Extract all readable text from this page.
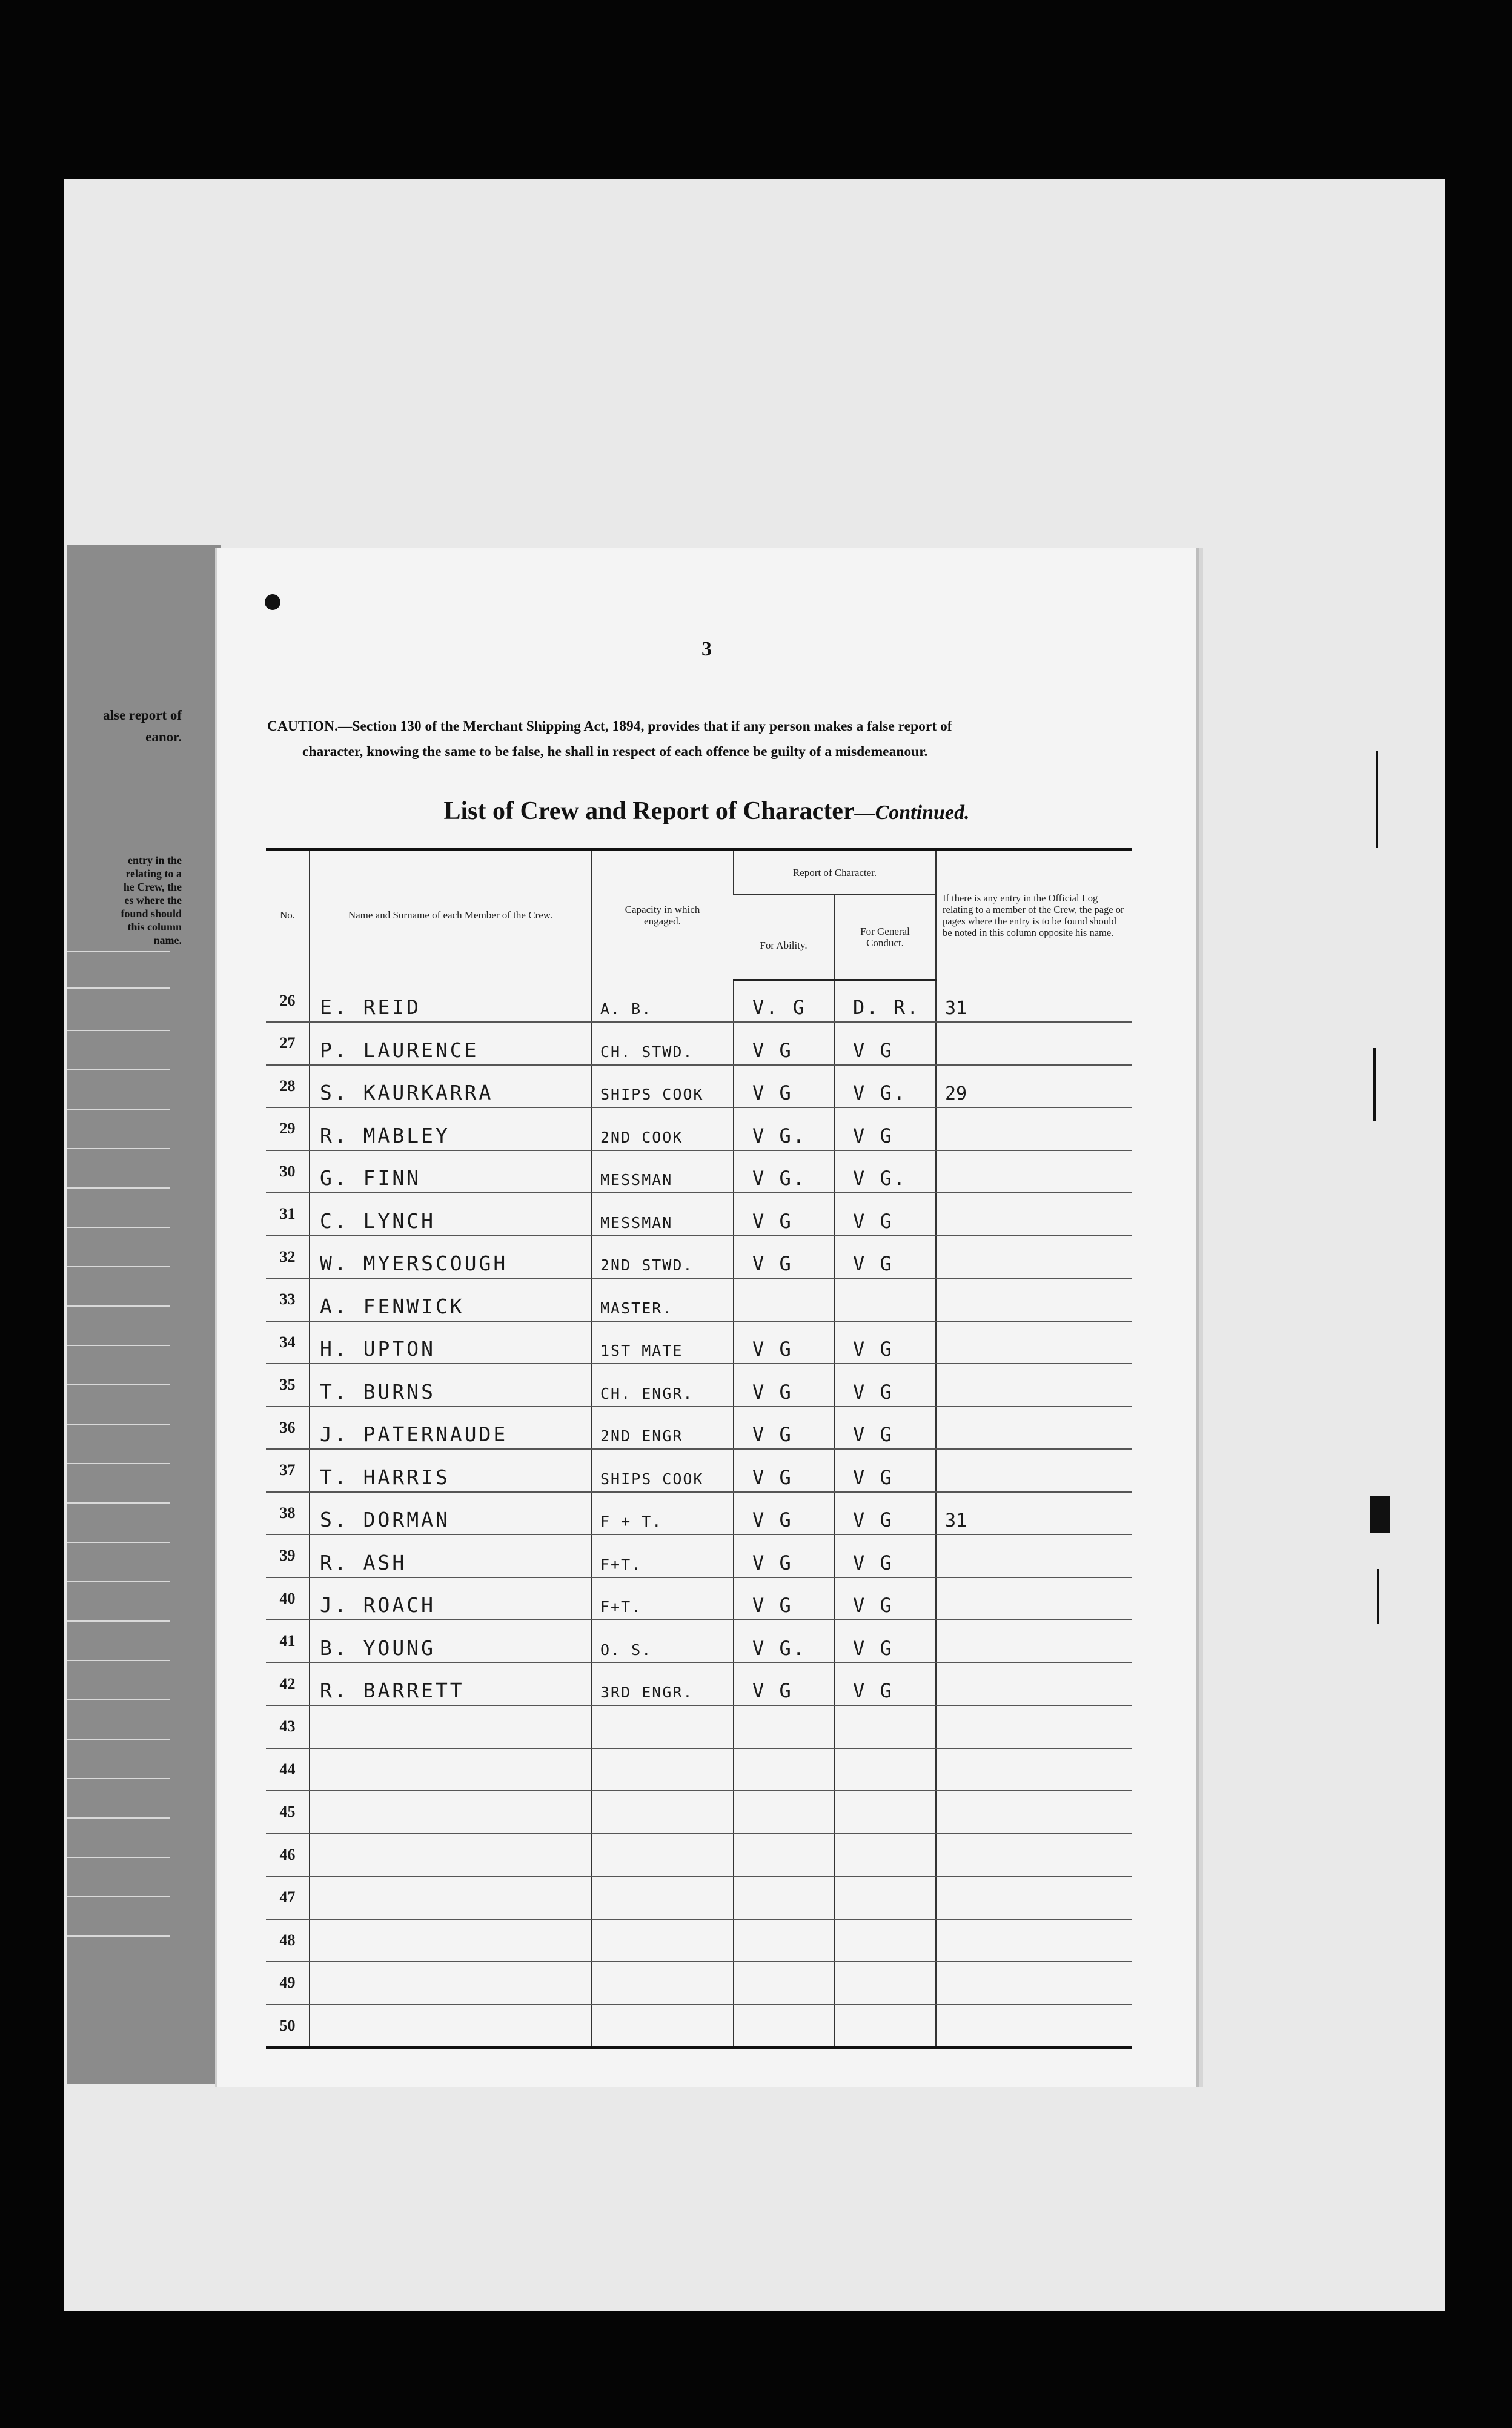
alse report of
eanor.
entry in the
relating to a
he Crew, the
es where the
found should
this column
name.
3
CAUTION.—Section 130 of the Merchant Shipping Act, 1894, provides that if any person makes a false report of
character, knowing the same to be false, he shall in respect of each offence be guilty of a misdemeanour.
List of Crew and Report of Character—Continued.
No.	Name and Surname of each Member of the Crew.	Capacity in which engaged.	Report of Character.		If there is any entry in the Official Log relating to a member of the Crew, the page or pages where the entry is to be found should be noted in this column opposite his name.
			For Ability.	For General Conduct.	
26	E. REID	A. B.	V. G	D. R.	31
27	P. LAURENCE	CH. STWD.	V G	V G	
28	S. KAURKARRA	SHIPS COOK	V G	V G.	29
29	R. MABLEY	2ND COOK	V G.	V G	
30	G. FINN	MESSMAN	V G.	V G.	
31	C. LYNCH	MESSMAN	V G	V G	
32	W. MYERSCOUGH	2ND STWD.	V G	V G	
33	A. FENWICK	MASTER.			
34	H. UPTON	1ST MATE	V G	V G	
35	T. BURNS	CH. ENGR.	V G	V G	
36	J. PATERNAUDE	2ND ENGR	V G	V G	
37	T. HARRIS	SHIPS COOK	V G	V G	
38	S. DORMAN	F + T.	V G	V G	31
39	R. ASH	F+T.	V G	V G	
40	J. ROACH	F+T.	V G	V G	
41	B. YOUNG	O. S.	V G.	V G	
42	R. BARRETT	3RD ENGR.	V G	V G	
43					
44					
45					
46					
47					
48					
49					
50					
